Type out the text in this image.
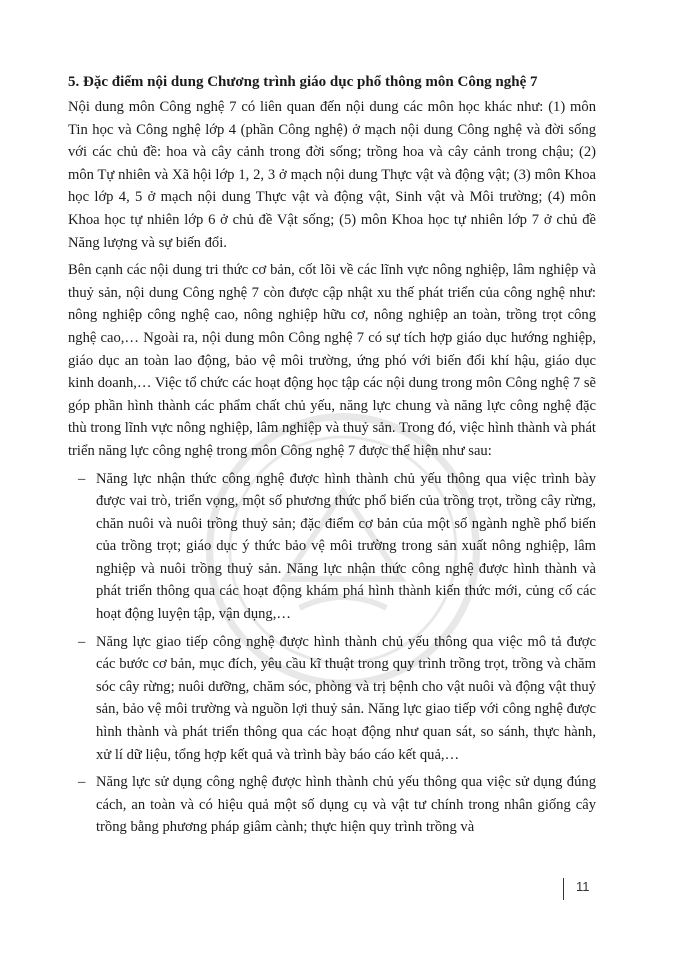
5. Đặc điểm nội dung Chương trình giáo dục phổ thông môn Công nghệ 7

Nội dung môn Công nghệ 7 có liên quan đến nội dung các môn học khác như: (1) môn Tin học và Công nghệ lớp 4 (phần Công nghệ) ở mạch nội dung Công nghệ và đời sống với các chủ đề: hoa và cây cảnh trong đời sống; trồng hoa và cây cảnh trong chậu; (2) môn Tự nhiên và Xã hội lớp 1, 2, 3 ở mạch nội dung Thực vật và động vật; (3) môn Khoa học lớp 4, 5 ở mạch nội dung Thực vật và động vật, Sinh vật và Môi trường; (4) môn Khoa học tự nhiên lớp 6 ở chủ đề Vật sống; (5) môn Khoa học tự nhiên lớp 7 ở chủ đề Năng lượng và sự biến đổi.

Bên cạnh các nội dung tri thức cơ bản, cốt lõi về các lĩnh vực nông nghiệp, lâm nghiệp và thuỷ sản, nội dung Công nghệ 7 còn được cập nhật xu thế phát triển của công nghệ như: nông nghiệp công nghệ cao, nông nghiệp hữu cơ, nông nghiệp an toàn, trồng trọt công nghệ cao,… Ngoài ra, nội dung môn Công nghệ 7 có sự tích hợp giáo dục hướng nghiệp, giáo dục an toàn lao động, bảo vệ môi trường, ứng phó với biến đổi khí hậu, giáo dục kinh doanh,… Việc tổ chức các hoạt động học tập các nội dung trong môn Công nghệ 7 sẽ góp phần hình thành các phẩm chất chủ yếu, năng lực chung và năng lực công nghệ đặc thù trong lĩnh vực nông nghiệp, lâm nghiệp và thuỷ sản. Trong đó, việc hình thành và phát triển năng lực công nghệ trong môn Công nghệ 7 được thể hiện như sau:

– Năng lực nhận thức công nghệ được hình thành chủ yếu thông qua việc trình bày được vai trò, triển vọng, một số phương thức phổ biến của trồng trọt, trồng cây rừng, chăn nuôi và nuôi trồng thuỷ sản; đặc điểm cơ bản của một số ngành nghề phổ biến của trồng trọt; giáo dục ý thức bảo vệ môi trường trong sản xuất nông nghiệp, lâm nghiệp và nuôi trồng thuỷ sản. Năng lực nhận thức công nghệ được hình thành và phát triển thông qua các hoạt động khám phá hình thành kiến thức mới, củng cố các hoạt động luyện tập, vận dụng,…
– Năng lực giao tiếp công nghệ được hình thành chủ yếu thông qua việc mô tả được các bước cơ bản, mục đích, yêu cầu kĩ thuật trong quy trình trồng trọt, trồng và chăm sóc cây rừng; nuôi dưỡng, chăm sóc, phòng và trị bệnh cho vật nuôi và động vật thuỷ sản, bảo vệ môi trường và nguồn lợi thuỷ sản. Năng lực giao tiếp với công nghệ được hình thành và phát triển thông qua các hoạt động như quan sát, so sánh, thực hành, xử lí dữ liệu, tổng hợp kết quả và trình bày báo cáo kết quả,…
– Năng lực sử dụng công nghệ được hình thành chủ yếu thông qua việc sử dụng đúng cách, an toàn và có hiệu quả một số dụng cụ và vật tư chính trong nhân giống cây trồng bằng phương pháp giâm cành; thực hiện quy trình trồng và
11
